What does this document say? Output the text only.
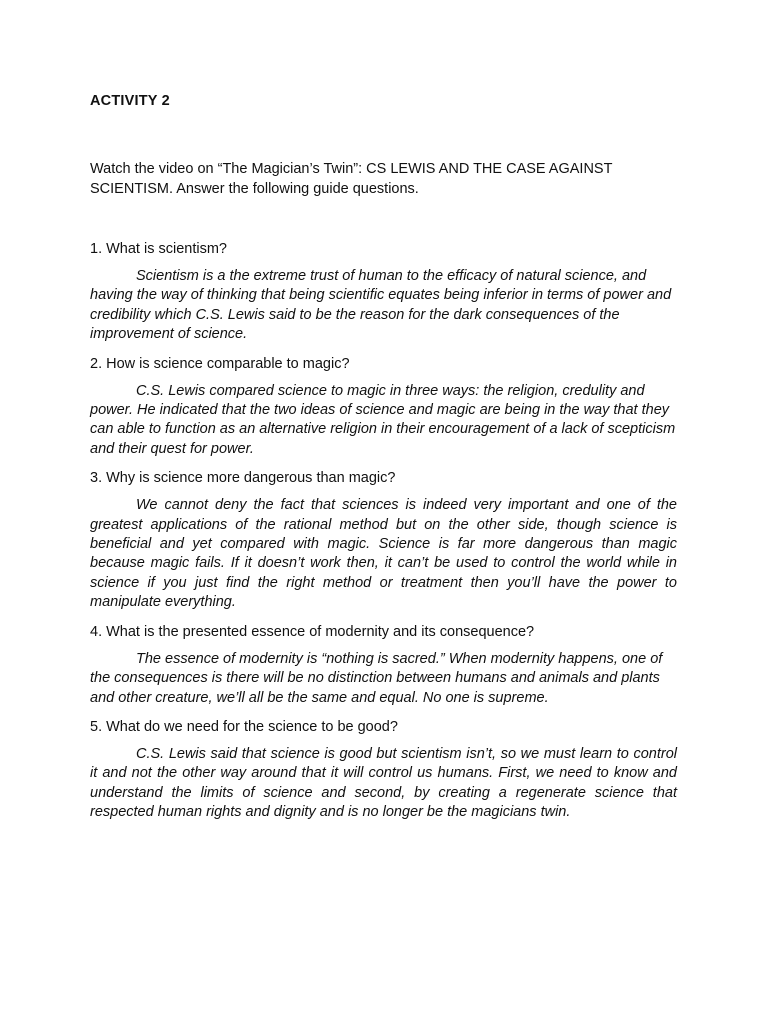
ACTIVITY 2

Watch the video on “The Magician’s Twin”: CS LEWIS AND THE CASE AGAINST SCIENTISM. Answer the following guide questions.

1. What is scientism?

Scientism is a the extreme trust of human to the efficacy of natural science, and having the way of thinking that being scientific equates being inferior in terms of power and credibility which C.S. Lewis said to be the reason for the dark consequences of the improvement of science.

2. How is science comparable to magic?

C.S. Lewis compared science to magic in three ways: the religion, credulity and power. He indicated that the two ideas of science and magic are being in the way that they can able to function as an alternative religion in their encouragement of a lack of scepticism and their quest for power.

3. Why is science more dangerous than magic?

We cannot deny the fact that sciences is indeed very important and one of the greatest applications of the rational method but on the other side, though science is beneficial and yet compared with magic. Science is far more dangerous than magic because magic fails. If it doesn’t work then, it can’t be used to control the world while in science if you just find the right method or treatment then you’ll have the power to manipulate everything.

4. What is the presented essence of modernity and its consequence?

The essence of modernity is “nothing is sacred.” When modernity happens, one of the consequences is there will be no distinction between humans and animals and plants and other creature, we’ll all be the same and equal. No one is supreme.

5. What do we need for the science to be good?

C.S. Lewis said that science is good but scientism isn’t, so we must learn to control it and not the other way around that it will control us humans. First, we need to know and understand the limits of science and second, by creating a regenerate science that respected human rights and dignity and is no longer be the magicians twin.
